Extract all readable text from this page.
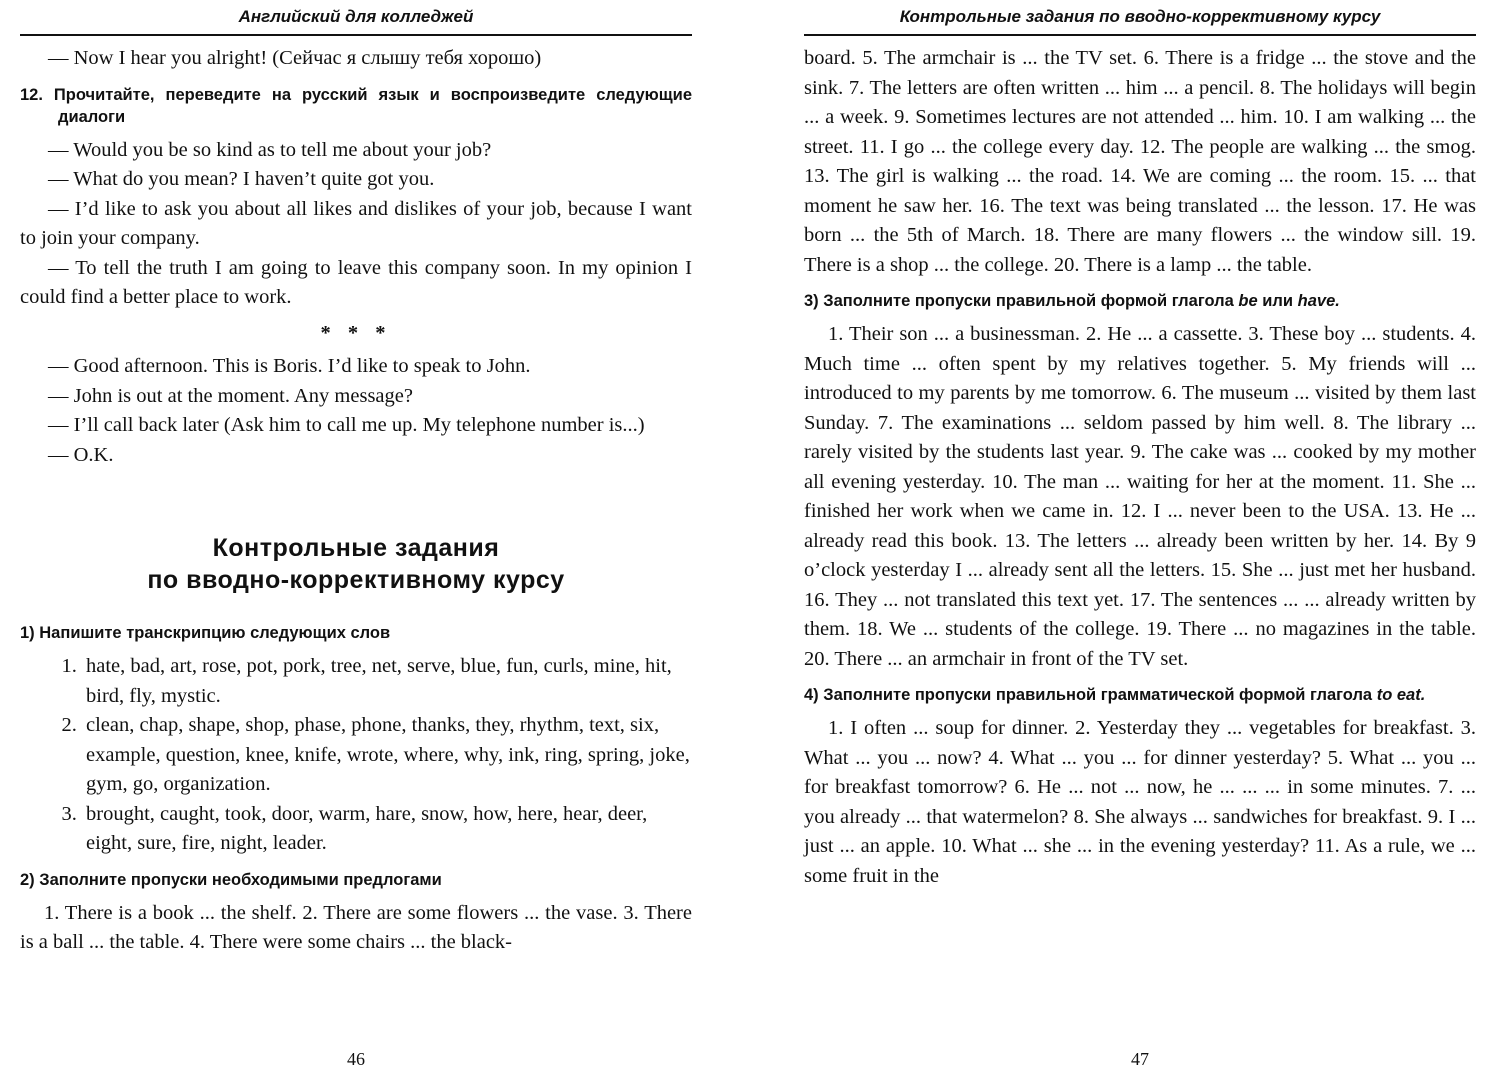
Английский для колледжей

— Now I hear you alright! (Сейчас я слышу тебя хорошо)

12. Прочитайте, переведите на русский язык и воспроизведите следующие диалоги

— Would you be so kind as to tell me about your job?

— What do you mean? I haven’t quite got you.

— I’d like to ask you about all likes and dislikes of your job, because I want to join your company.

— To tell the truth I am going to leave this company soon. In my opinion I could find a better place to work.

* * *

— Good afternoon. This is Boris. I’d like to speak to John.

— John is out at the moment. Any message?

— I’ll call back later (Ask him to call me up. My telephone number is...)

— O.K.

Контрольные задания
по вводно-коррективному курсу

1) Напишите транскрипцию следующих слов

1. hate, bad, art, rose, pot, pork, tree, net, serve, blue, fun, curls, mine, hit, bird, fly, mystic.
2. clean, chap, shape, shop, phase, phone, thanks, they, rhythm, text, six, example, question, knee, knife, wrote, where, why, ink, ring, spring, joke, gym, go, organization.
3. brought, caught, took, door, warm, hare, snow, how, here, hear, deer, eight, sure, fire, night, leader.

2) Заполните пропуски необходимыми предлогами

1. There is a book ... the shelf. 2. There are some flowers ... the vase. 3. There is a ball ... the table. 4. There were some chairs ... the black-

46
Контрольные задания по вводно-коррективному курсу

board. 5. The armchair is ... the TV set. 6. There is a fridge ... the stove and the sink. 7. The letters are often written ... him ... a pencil. 8. The holidays will begin ... a week. 9. Sometimes lectures are not attended ... him. 10. I am walking ... the street. 11. I go ... the college every day. 12. The people are walking ... the smog. 13. The girl is walking ... the road. 14. We are coming ... the room. 15. ... that moment he saw her. 16. The text was being translated ... the lesson. 17. He was born ... the 5th of March. 18. There are many flowers ... the window sill. 19. There is a shop ... the college. 20. There is a lamp ... the table.

3) Заполните пропуски правильной формой глагола be или have.

1. Their son ... a businessman. 2. He ... a cassette. 3. These boy ... students. 4. Much time ... often spent by my relatives together. 5. My friends will ... introduced to my parents by me tomorrow. 6. The museum ... visited by them last Sunday. 7. The examinations ... seldom passed by him well. 8. The library ... rarely visited by the students last year. 9. The cake was ... cooked by my mother all evening yesterday. 10. The man ... waiting for her at the moment. 11. She ... finished her work when we came in. 12. I ... never been to the USA. 13. He ... already read this book. 13. The letters ... already been written by her. 14. By 9 o’clock yesterday I ... already sent all the letters. 15. She ... just met her husband. 16. They ... not translated this text yet. 17. The sentences ... ... already written by them. 18. We ... students of the college. 19. There ... no magazines in the table. 20. There ... an armchair in front of the TV set.

4) Заполните пропуски правильной грамматической формой глагола to eat.

1. I often ... soup for dinner. 2. Yesterday they ... vegetables for breakfast. 3. What ... you ... now? 4. What ... you ... for dinner yesterday? 5. What ... you ... for breakfast tomorrow? 6. He ... not ... now, he ... ... ... in some minutes. 7. ... you already ... that watermelon? 8. She always ... sandwiches for breakfast. 9. I ... just ... an apple. 10. What ... she ... in the evening yesterday? 11. As a rule, we ... some fruit in the

47
